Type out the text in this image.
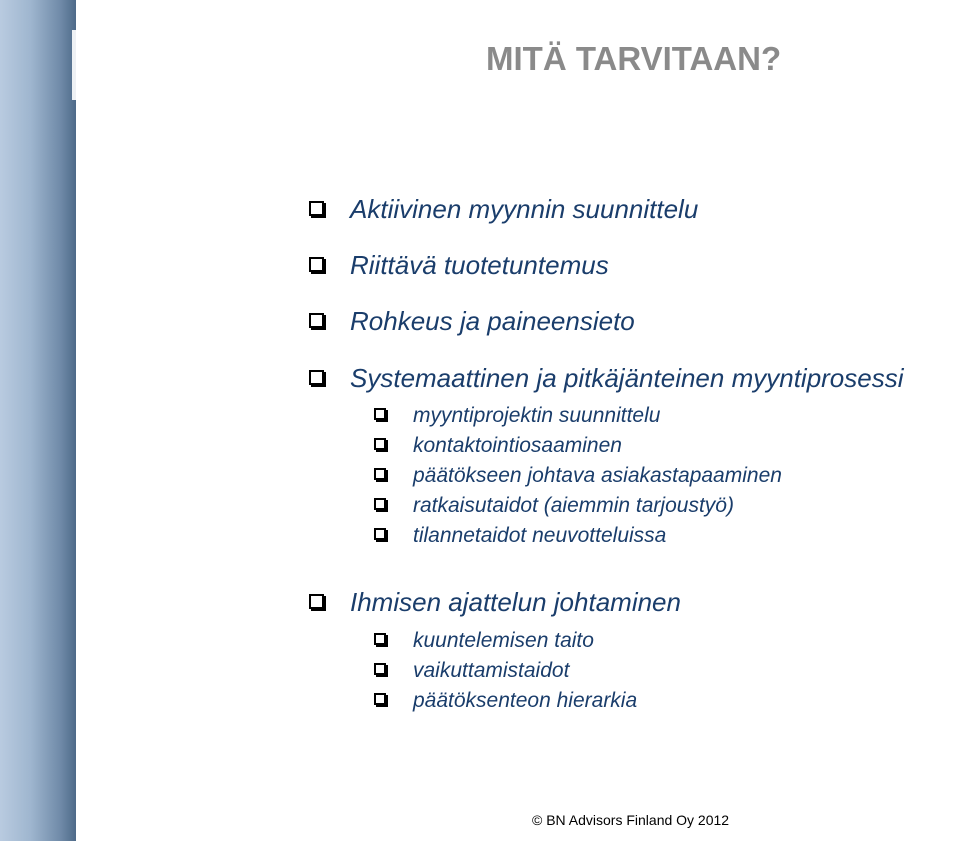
MITÄ TARVITAAN?
Aktiivinen myynnin suunnittelu
Riittävä tuotetuntemus
Rohkeus ja paineensieto
Systemaattinen ja pitkäjänteinen myyntiprosessi
myyntiprojektin suunnittelu
kontaktointiosaaminen
päätökseen johtava asiakastapaaminen
ratkaisutaidot (aiemmin tarjoustyö)
tilannetaidot neuvotteluissa
Ihmisen ajattelun johtaminen
kuuntelemisen taito
vaikuttamistaidot
päätöksenteon hierarkia
© BN Advisors Finland Oy 2012
